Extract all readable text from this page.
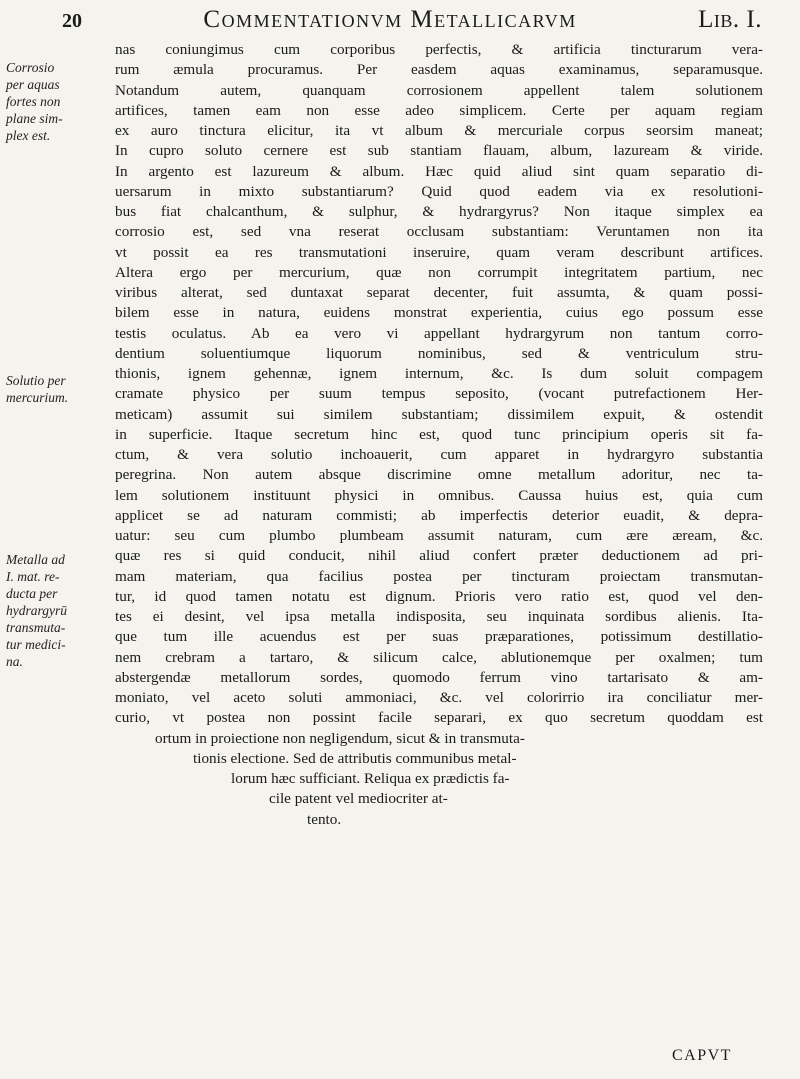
20	Commentationvm Metallicarvm	Lib. I.
nas coniungimus cum corporibus perfectis, & artificia tincturarum vera-
rum æmula procuramus. Per easdem aquas examinamus, separamusque.
Notandum autem, quanquam corrosionem appellent talem solutionem
artifices, tamen eam non esse adeo simplicem. Certe per aquam regiam
ex auro tinctura elicitur, ita vt album & mercuriale corpus seorsim maneat;
In cupro soluto cernere est sub stantiam flauam, album, lazuream & viride.
In argento est lazureum & album. Hæc quid aliud sint quam separatio di-
uersarum in mixto substantiarum? Quid quod eadem via ex resolutioni-
bus fiat chalcanthum, & sulphur, & hydrargyrus? Non itaque simplex ea
corrosio est, sed vna reserat occlusam substantiam: Veruntamen non ita
vt possit ea res transmutationi inseruire, quam veram describunt artifices.
Altera ergo per mercurium, quæ non corrumpit integritatem partium, nec
viribus alterat, sed duntaxat separat decenter, fuit assumta, & quam possi-
bilem esse in natura, euidens monstrat experientia, cuius ego possum esse
testis oculatus. Ab ea vero vi appellant hydrargyrum non tantum corro-
dentium soluentiumque liquorum nominibus, sed & ventriculum stru-
thionis, ignem gehennæ, ignem internum, &c. Is dum soluit compagem
cramate physico per suum tempus seposito, (vocant putrefactionem Her-
meticam) assumit sui similem substantiam; dissimilem expuit, & ostendit
in superficie. Itaque secretum hinc est, quod tunc principium operis sit fa-
ctum, & vera solutio inchoauerit, cum apparet in hydrargyro substantia
peregrina. Non autem absque discrimine omne metallum adoritur, nec ta-
lem solutionem instituunt physici in omnibus. Caussa huius est, quia cum
applicet se ad naturam commisti; ab imperfectis deterior euadit, & depra-
uatur: seu cum plumbo plumbeam assumit naturam, cum ære æream, &c.
quæ res si quid conducit, nihil aliud confert præter deductionem ad pri-
mam materiam, qua facilius postea per tincturam proiectam transmutan-
tur, id quod tamen notatu est dignum. Prioris vero ratio est, quod vel den-
tes ei desint, vel ipsa metalla indisposita, seu inquinata sordibus alienis. Ita-
que tum ille acuendus est per suas præparationes, potissimum destillatio-
nem crebram a tartaro, & silicum calce, ablutionemque per oxalmen; tum
abstergendæ metallorum sordes, quomodo ferrum vino tartarisato & am-
moniato, vel aceto soluti ammoniaci, &c. vel colorirrio ira conciliatur mer-
curio, vt postea non possint facile separari, ex quo secretum quoddam est
ortum in proiectione non negligendum, sicut & in transmuta-
tionis electione. Sed de attributis communibus metal-
lorum hæc sufficiant. Reliqua ex prædictis fa-
cile patent vel mediocriter at-
tento.
Corrosio
per aquas
fortes non
plane sim-
plex est.
Solutio per
mercurium.
Metalla ad
I. mat. re-
ducta per
hydrargyrū
transmuta-
tur medici-
na.
CAPVT
